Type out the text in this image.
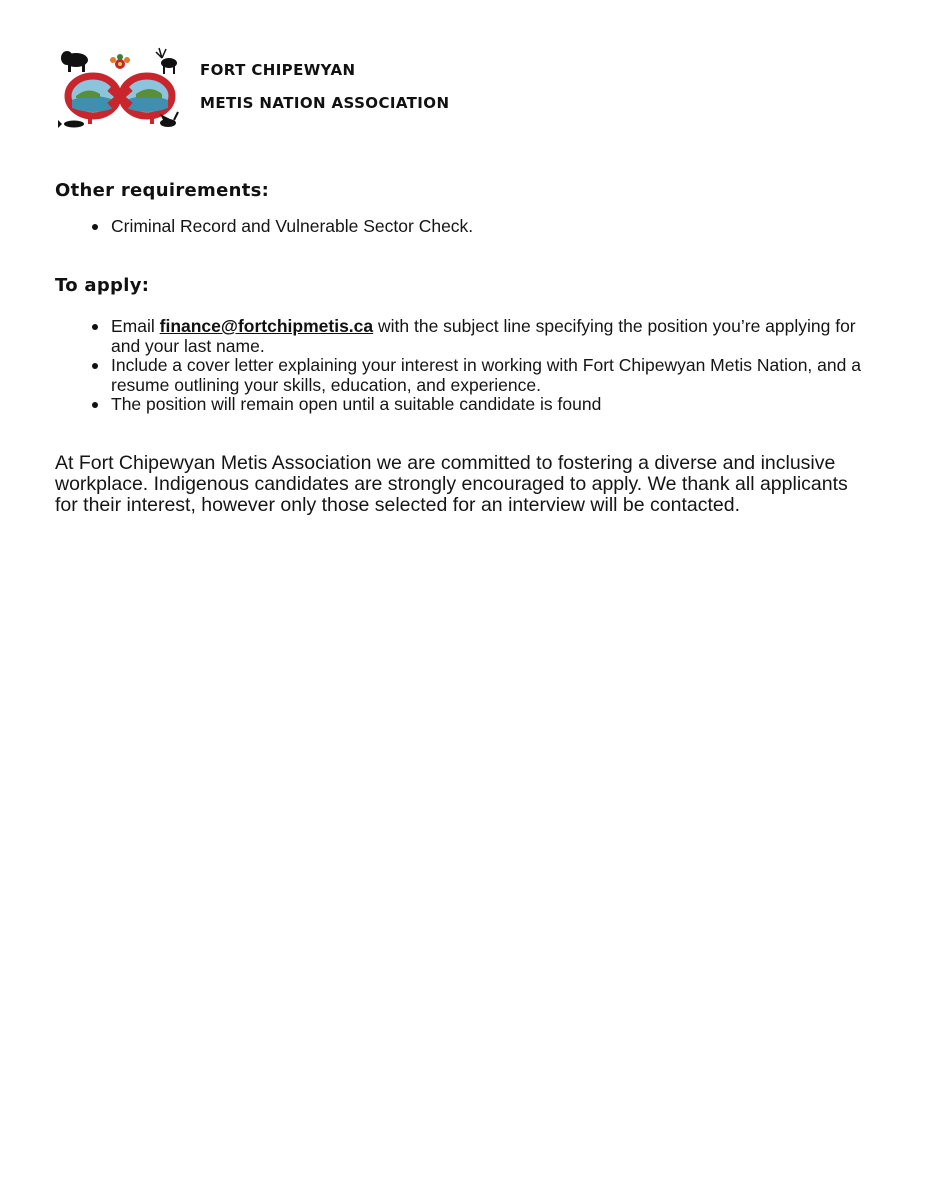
FORT CHIPEWYAN
METIS NATION ASSOCIATION
Other requirements:
Criminal Record and Vulnerable Sector Check.
To apply:
Email finance@fortchipmetis.ca with the subject line specifying the position you’re applying for and your last name.
Include a cover letter explaining your interest in working with Fort Chipewyan Metis Nation, and a resume outlining your skills, education, and experience.
The position will remain open until a suitable candidate is found

At Fort Chipewyan Metis Association we are committed to fostering a diverse and inclusive workplace. Indigenous candidates are strongly encouraged to apply. We thank all applicants for their interest, however only those selected for an interview will be contacted.
